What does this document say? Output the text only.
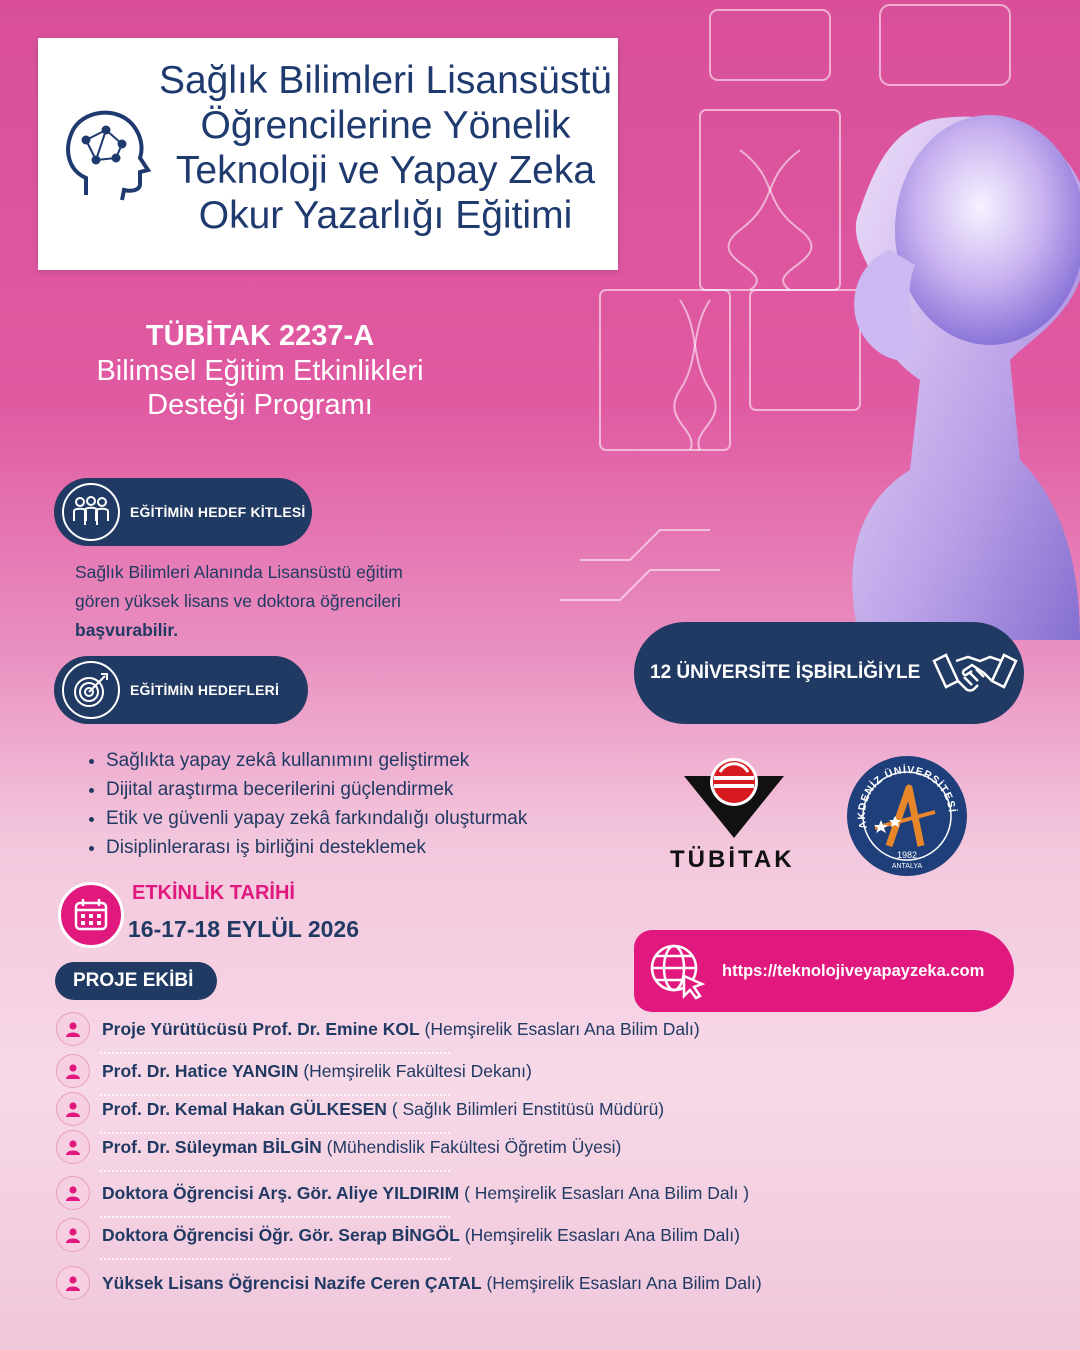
Sağlık Bilimleri Lisansüstü
Öğrencilerine Yönelik
Teknoloji ve Yapay Zeka
Okur Yazarlığı Eğitimi
TÜBİTAK 2237-A
Bilimsel Eğitim Etkinlikleri
Desteği Programı
EĞİTİMİN HEDEF KİTLESİ
Sağlık Bilimleri Alanında Lisansüstü eğitim
gören yüksek lisans ve doktora öğrencileri
başvurabilir.
EĞİTİMİN HEDEFLERİ
• Sağlıkta yapay zekâ kullanımını geliştirmek
• Dijital araştırma becerilerini güçlendirmek
• Etik ve güvenli yapay zekâ farkındalığı oluşturmak
• Disiplinlerarası iş birliğini desteklemek
ETKİNLİK TARİHİ
16-17-18 EYLÜL 2026
PROJE EKİBİ
Proje Yürütücüsü Prof. Dr. Emine KOL (Hemşirelik Esasları Ana Bilim Dalı)
Prof. Dr. Hatice YANGIN (Hemşirelik Fakültesi Dekanı)
Prof. Dr. Kemal Hakan GÜLKESEN ( Sağlık Bilimleri Enstitüsü Müdürü)
Prof. Dr. Süleyman BİLGİN (Mühendislik Fakültesi Öğretim Üyesi)
Doktora Öğrencisi Arş. Gör. Aliye YILDIRIM ( Hemşirelik Esasları Ana Bilim Dalı )
Doktora Öğrencisi Öğr. Gör. Serap BİNGÖL (Hemşirelik Esasları Ana Bilim Dalı)
Yüksek Lisans Öğrencisi Nazife Ceren ÇATAL (Hemşirelik Esasları Ana Bilim Dalı)
12 ÜNİVERSİTE İŞBİRLİĞİYLE
TÜBİTAK
AKDENİZ ÜNİVERSİTESİ
1982
ANTALYA
https://teknolojiveyapayzeka.com
